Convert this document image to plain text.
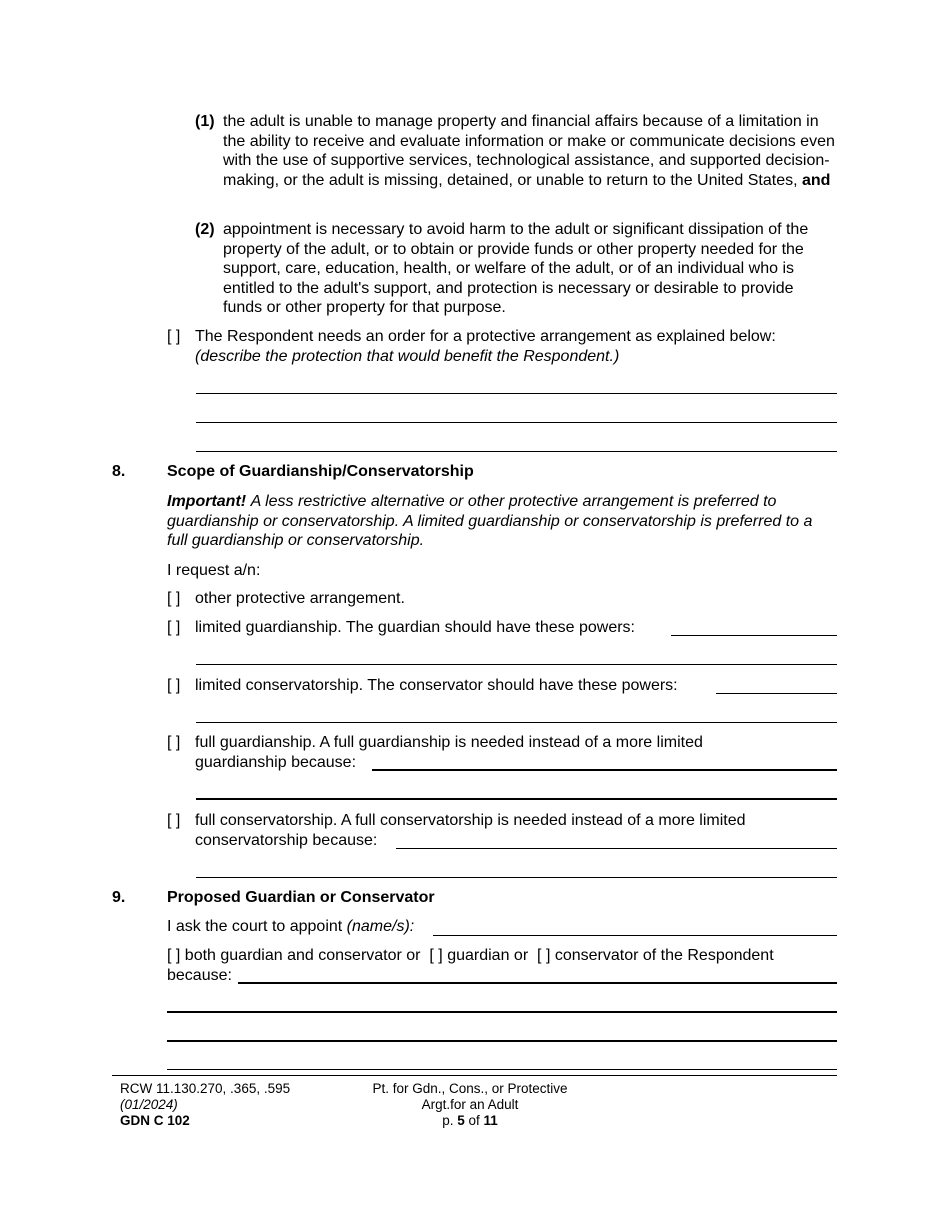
(1) the adult is unable to manage property and financial affairs because of a limitation in the ability to receive and evaluate information or make or communicate decisions even with the use of supportive services, technological assistance, and supported decision-making, or the adult is missing, detained, or unable to return to the United States, and
(2) appointment is necessary to avoid harm to the adult or significant dissipation of the property of the adult, or to obtain or provide funds or other property needed for the support, care, education, health, or welfare of the adult, or of an individual who is entitled to the adult's support, and protection is necessary or desirable to provide funds or other property for that purpose.
[ ] The Respondent needs an order for a protective arrangement as explained below:
(describe the protection that would benefit the Respondent.)
8.	Scope of Guardianship/Conservatorship
Important! A less restrictive alternative or other protective arrangement is preferred to guardianship or conservatorship. A limited guardianship or conservatorship is preferred to a full guardianship or conservatorship.
I request a/n:
[ ] other protective arrangement.
[ ] limited guardianship. The guardian should have these powers:
[ ] limited conservatorship. The conservator should have these powers:
[ ] full guardianship. A full guardianship is needed instead of a more limited
guardianship because:
[ ] full conservatorship. A full conservatorship is needed instead of a more limited
conservatorship because:
9.	Proposed Guardian or Conservator
I ask the court to appoint (name/s):
[ ] both guardian and conservator or [ ] guardian or [ ] conservator of the Respondent
because:
RCW 11.130.270, .365, .595
(01/2024)
GDN C 102
Pt. for Gdn., Cons., or Protective
Argt.for an Adult
p. 5 of 11
